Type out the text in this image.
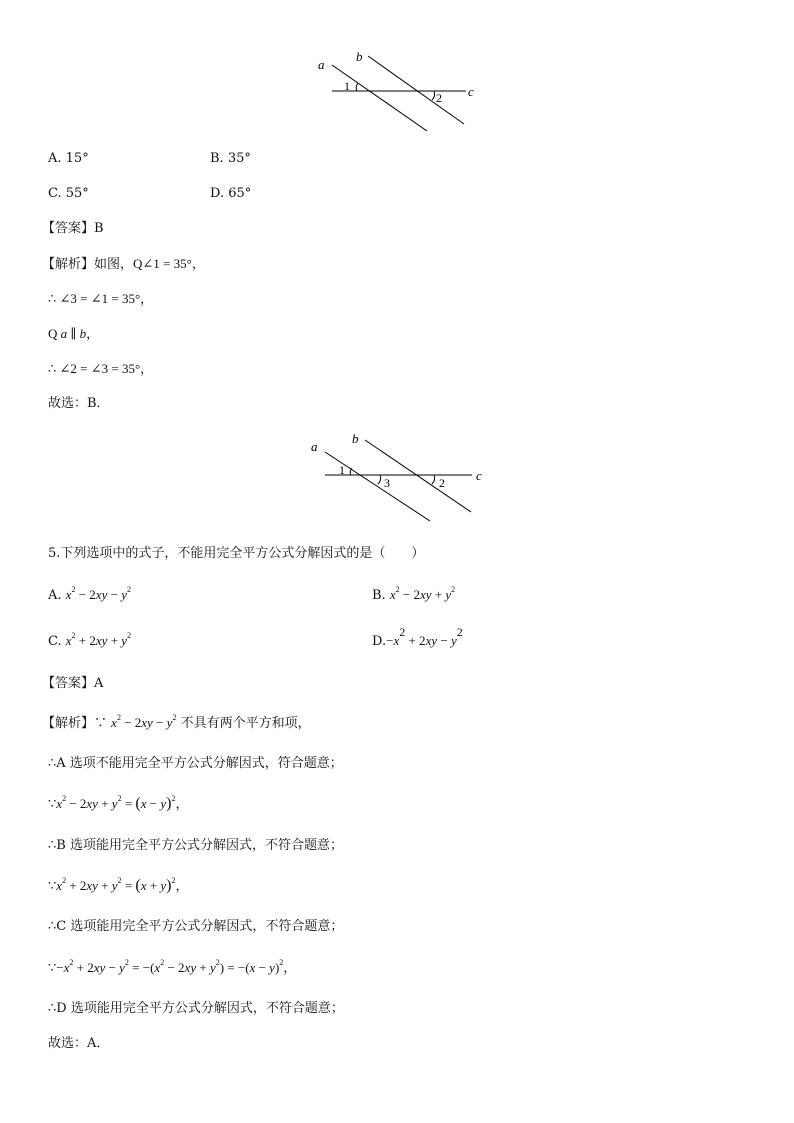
a
b
c
1
2
A. 15°	B. 35°
C. 55°	D. 65°
【答案】B
【解析】如图，Q∠1 = 35°，
∴ ∠3 = ∠1 = 35°，
Q a ∥ b，
∴ ∠2 = ∠3 = 35°，
故选：B．
a
b
c
1
3	2
5.下列选项中的式子，不能用完全平方公式分解因式的是（　　）
A. $x^2 - 2xy - y^2$	B. $x^2 - 2xy + y^2$
C. $x^2 + 2xy + y^2$	$D.-x^2 + 2xy - y^2$
【答案】A
【解析】∵ $x^2 - 2xy - y^2$ 不具有两个平方和项，
∴A 选项不能用完全平方公式分解因式，符合题意；
$\because x^2 - 2xy + y^2 = (x - y)^2$，
∴B 选项能用完全平方公式分解因式，不符合题意；
$\because x^2 + 2xy + y^2 = (x + y)^2$，
∴C 选项能用完全平方公式分解因式，不符合题意；
$\because-x^2 + 2xy - y^2 = -(x^2 - 2xy + y^2) = -(x - y)^2$，
∴D 选项能用完全平方公式分解因式，不符合题意；
故选：A．
